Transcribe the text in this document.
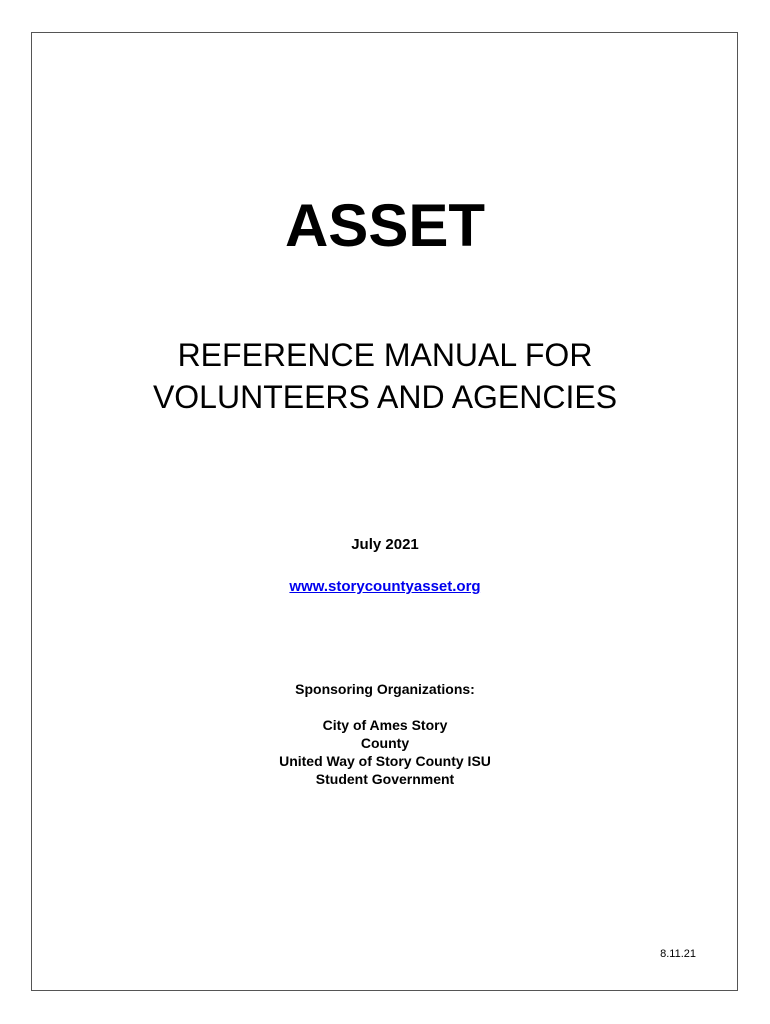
ASSET
REFERENCE MANUAL FOR
VOLUNTEERS AND AGENCIES
July 2021
www.storycountyasset.org
Sponsoring Organizations:
City of Ames Story
County
United Way of Story County ISU
Student Government
8.11.21
